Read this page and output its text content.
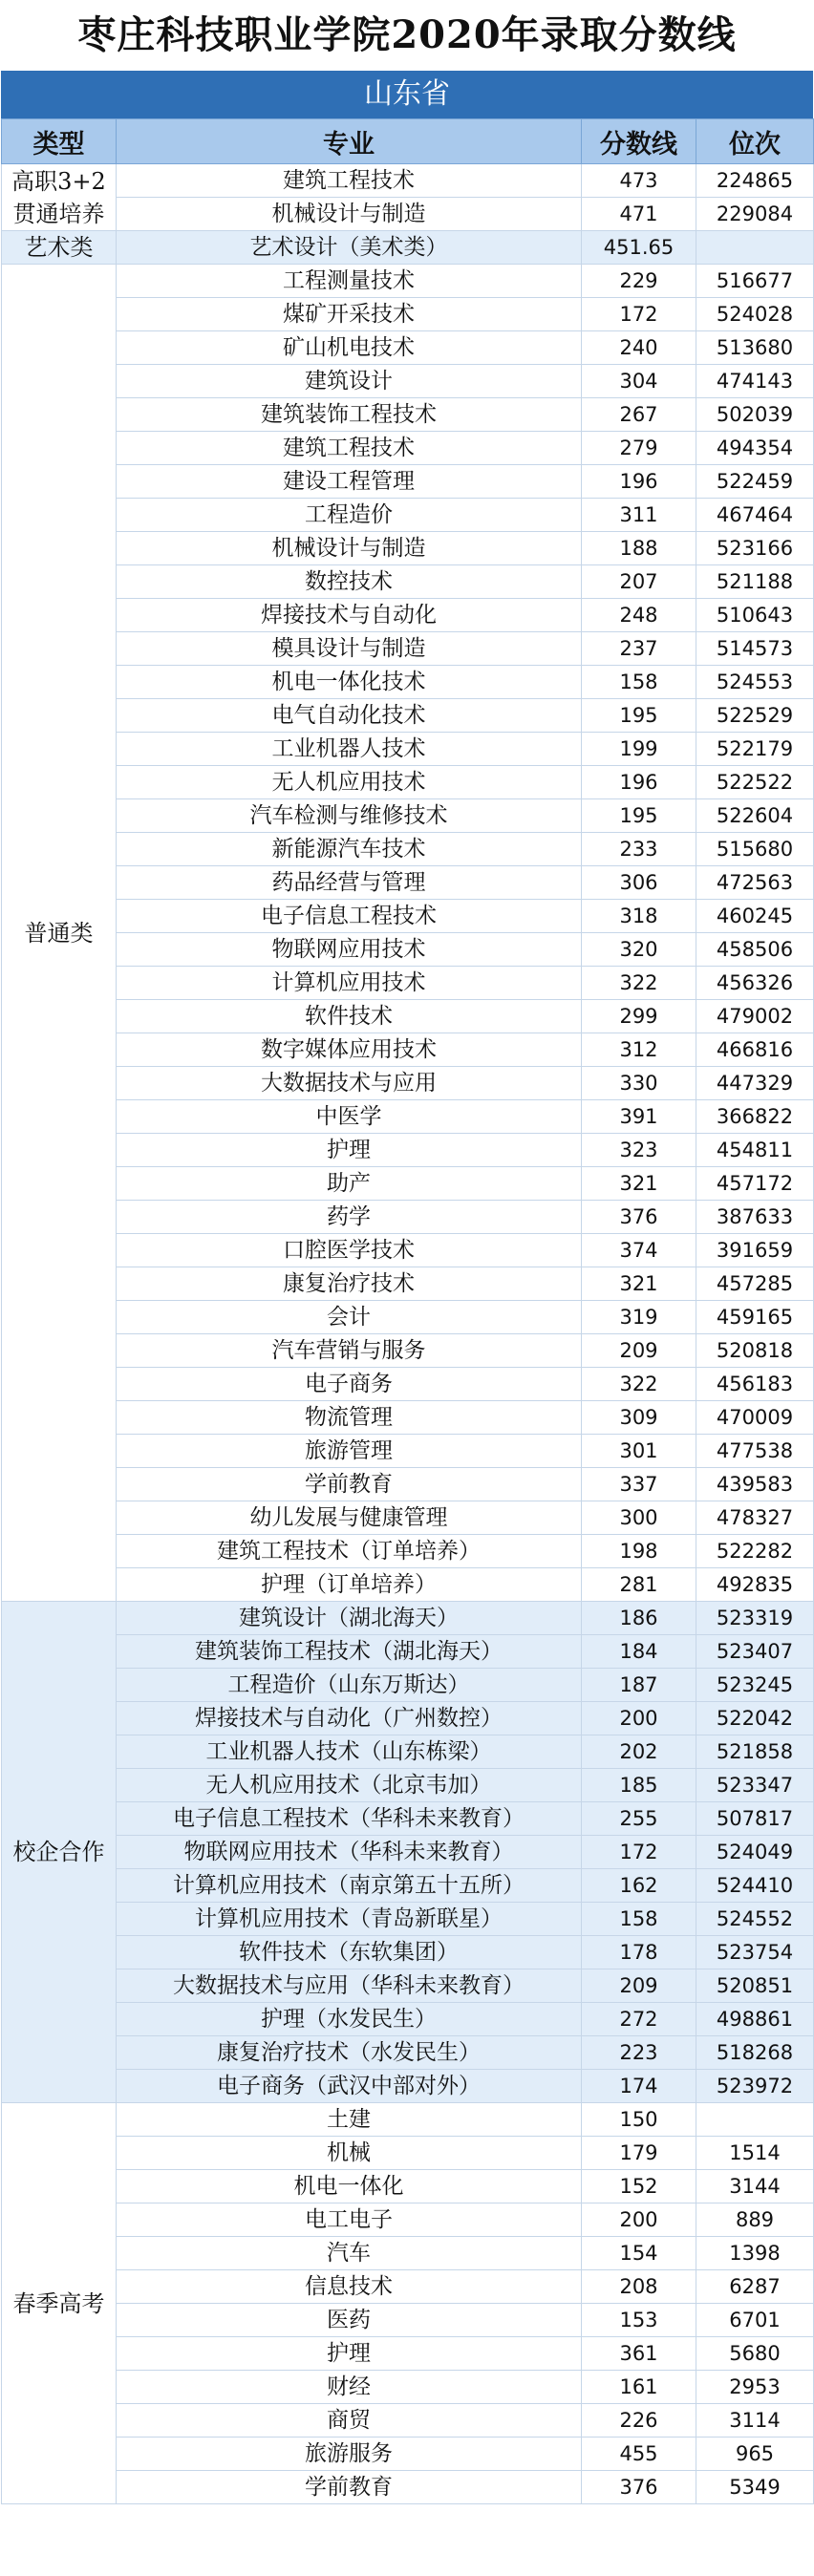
枣庄科技职业学院2020年录取分数线
山东省
类型	专业	分数线	位次
高职3+2贯通培养	建筑工程技术	473	224865
	机械设计与制造	471	229084
艺术类	艺术设计（美术类）	451.65	
普通类	工程测量技术	229	516677
	煤矿开采技术	172	524028
	矿山机电技术	240	513680
	建筑设计	304	474143
	建筑装饰工程技术	267	502039
	建筑工程技术	279	494354
	建设工程管理	196	522459
	工程造价	311	467464
	机械设计与制造	188	523166
	数控技术	207	521188
	焊接技术与自动化	248	510643
	模具设计与制造	237	514573
	机电一体化技术	158	524553
	电气自动化技术	195	522529
	工业机器人技术	199	522179
	无人机应用技术	196	522522
	汽车检测与维修技术	195	522604
	新能源汽车技术	233	515680
	药品经营与管理	306	472563
	电子信息工程技术	318	460245
	物联网应用技术	320	458506
	计算机应用技术	322	456326
	软件技术	299	479002
	数字媒体应用技术	312	466816
	大数据技术与应用	330	447329
	中医学	391	366822
	护理	323	454811
	助产	321	457172
	药学	376	387633
	口腔医学技术	374	391659
	康复治疗技术	321	457285
	会计	319	459165
	汽车营销与服务	209	520818
	电子商务	322	456183
	物流管理	309	470009
	旅游管理	301	477538
	学前教育	337	439583
	幼儿发展与健康管理	300	478327
	建筑工程技术（订单培养）	198	522282
	护理（订单培养）	281	492835
校企合作	建筑设计（湖北海天）	186	523319
	建筑装饰工程技术（湖北海天）	184	523407
	工程造价（山东万斯达）	187	523245
	焊接技术与自动化（广州数控）	200	522042
	工业机器人技术（山东栋梁）	202	521858
	无人机应用技术（北京韦加）	185	523347
	电子信息工程技术（华科未来教育）	255	507817
	物联网应用技术（华科未来教育）	172	524049
	计算机应用技术（南京第五十五所）	162	524410
	计算机应用技术（青岛新联星）	158	524552
	软件技术（东软集团）	178	523754
	大数据技术与应用（华科未来教育）	209	520851
	护理（水发民生）	272	498861
	康复治疗技术（水发民生）	223	518268
	电子商务（武汉中部对外）	174	523972
春季高考	土建	150	
	机械	179	1514
	机电一体化	152	3144
	电工电子	200	889
	汽车	154	1398
	信息技术	208	6287
	医药	153	6701
	护理	361	5680
	财经	161	2953
	商贸	226	3114
	旅游服务	455	965
	学前教育	376	5349
